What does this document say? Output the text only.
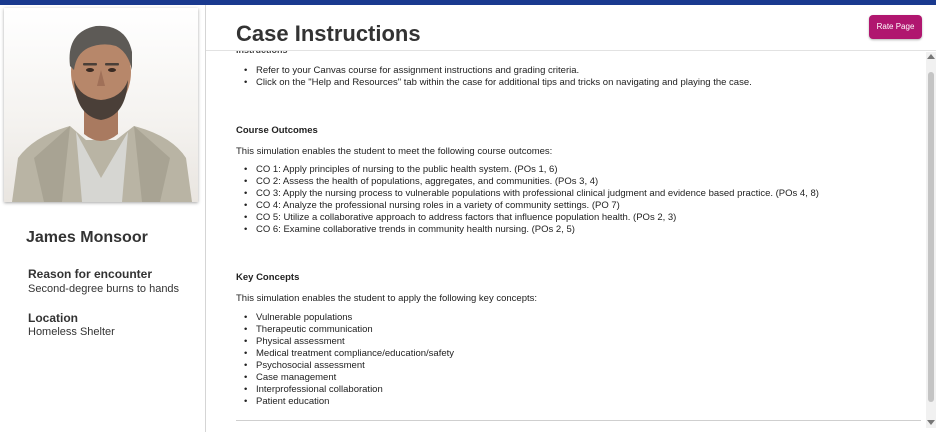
James Monsoor
Reason for encounter
Second-degree burns to hands
Location
Homeless Shelter
Case Instructions	Rate Page
• Refer to your Canvas course for assignment instructions and grading criteria.
• Click on the "Help and Resources" tab within the case for additional tips and tricks on navigating and playing the case.
Course Outcomes
This simulation enables the student to meet the following course outcomes:
• CO 1: Apply principles of nursing to the public health system. (POs 1, 6)
• CO 2: Assess the health of populations, aggregates, and communities. (POs 3, 4)
• CO 3: Apply the nursing process to vulnerable populations with professional clinical judgment and evidence based practice. (POs 4, 8)
• CO 4: Analyze the professional nursing roles in a variety of community settings. (PO 7)
• CO 5: Utilize a collaborative approach to address factors that influence population health. (POs 2, 3)
• CO 6: Examine collaborative trends in community health nursing. (POs 2, 5)
Key Concepts
This simulation enables the student to apply the following key concepts:
• Vulnerable populations
• Therapeutic communication
• Physical assessment
• Medical treatment compliance/education/safety
• Psychosocial assessment
• Case management
• Interprofessional collaboration
• Patient education
